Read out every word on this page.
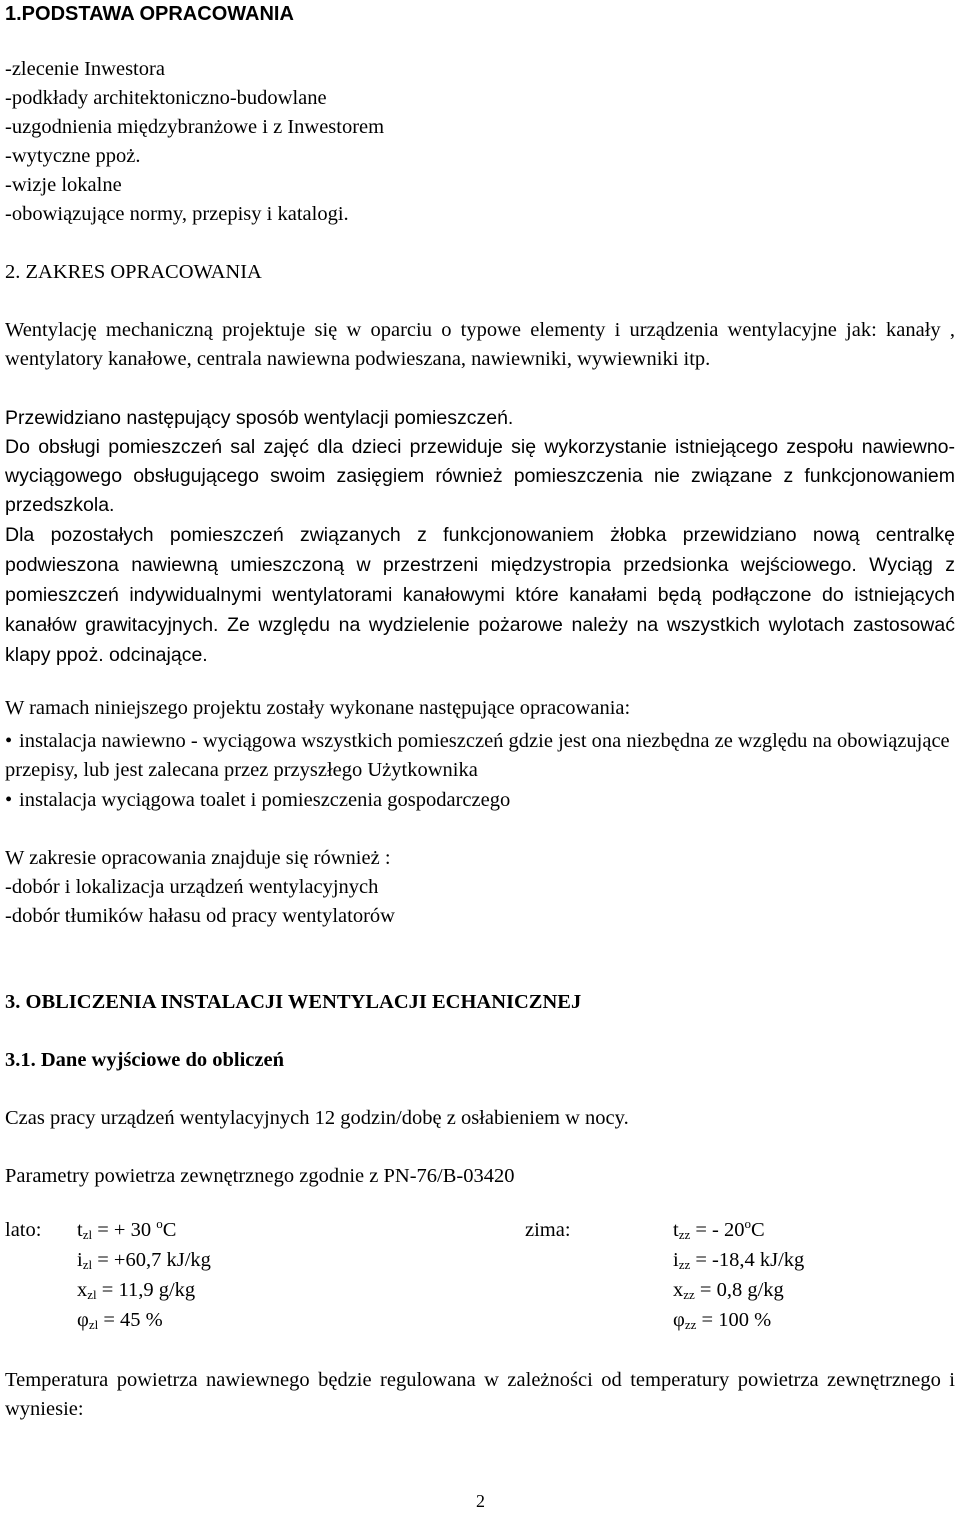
1.PODSTAWA OPRACOWANIA
-zlecenie Inwestora
-podkłady architektoniczno-budowlane
-uzgodnienia międzybranżowe i z Inwestorem
-wytyczne ppoż.
-wizje lokalne
-obowiązujące normy, przepisy i katalogi.
2. ZAKRES OPRACOWANIA
Wentylację mechaniczną projektuje się w oparciu o typowe elementy i urządzenia wentylacyjne jak: kanały , wentylatory kanałowe, centrala nawiewna podwieszana, nawiewniki, wywiewniki itp.
Przewidziano następujący sposób wentylacji pomieszczeń.
Do obsługi pomieszczeń sal zajęć dla dzieci przewiduje się wykorzystanie istniejącego zespołu nawiewno-wyciągowego obsługującego swoim zasięgiem również pomieszczenia nie związane z funkcjonowaniem przedszkola.
Dla pozostałych pomieszczeń związanych z funkcjonowaniem żłobka przewidziano nową centralkę podwieszona nawiewną umieszczoną w przestrzeni międzystropia przedsionka wejściowego. Wyciąg z pomieszczeń indywidualnymi wentylatorami kanałowymi które kanałami będą podłączone do istniejących kanałów grawitacyjnych. Ze względu na wydzielenie pożarowe należy na wszystkich wylotach zastosować klapy ppoż. odcinające.
W ramach niniejszego projektu zostały wykonane następujące opracowania:
• instalacja nawiewno - wyciągowa wszystkich pomieszczeń gdzie jest ona niezbędna ze względu na obowiązujące przepisy, lub jest zalecana przez przyszłego Użytkownika
• instalacja wyciągowa toalet i pomieszczenia gospodarczego
W zakresie opracowania znajduje się również :
-dobór i lokalizacja urządzeń wentylacyjnych
-dobór tłumików hałasu od pracy wentylatorów
3. OBLICZENIA INSTALACJI WENTYLACJI ECHANICZNEJ
3.1. Dane wyjściowe do obliczeń
Czas pracy urządzeń wentylacyjnych 12 godzin/dobę z osłabieniem w nocy.
Parametry powietrza zewnętrznego zgodnie z PN-76/B-03420
lato: $t_{zl}$ = + 30 $^o$C	zima:	$t_{zz}$ = - 20$^o$C
$i_{zl} = +60,7$ kJ/kg	$i_{zz} = -18,4$ kJ/kg
$x_{zl} = 11,9$ g/kg	$x_{zz} = 0,8$ g/kg
$\varphi_{zl} = 45$ %	$\varphi_{zz} = 100$ %
Temperatura powietrza nawiewnego będzie regulowana w zależności od temperatury powietrza zewnętrznego i wyniesie:
2
